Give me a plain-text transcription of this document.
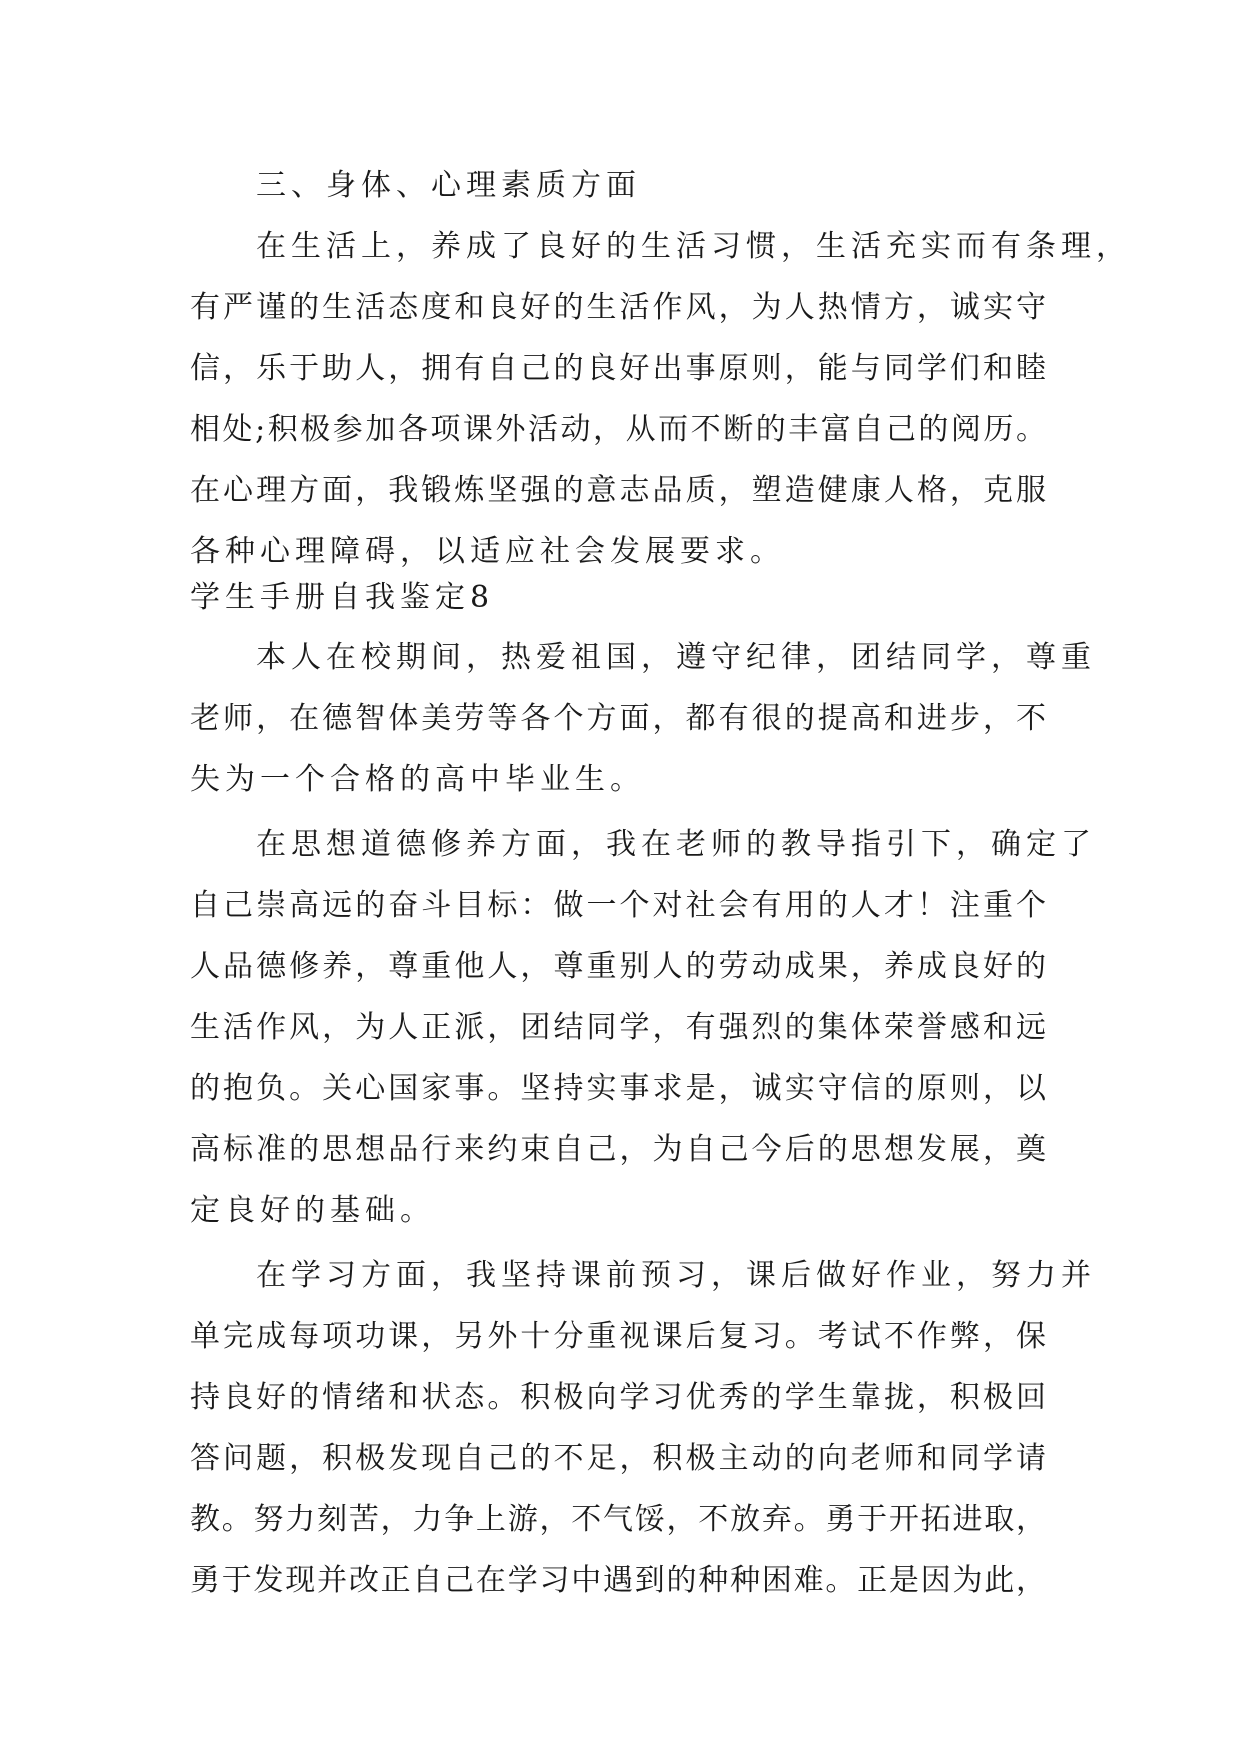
三、身体、心理素质方面
在生活上，养成了良好的生活习惯，生活充实而有条理，
有严谨的生活态度和良好的生活作风，为人热情方，诚实守
信，乐于助人，拥有自己的良好出事原则，能与同学们和睦
相处;积极参加各项课外活动，从而不断的丰富自己的阅历。
在心理方面，我锻炼坚强的意志品质，塑造健康人格，克服
各种心理障碍，以适应社会发展要求。
学生手册自我鉴定8
本人在校期间，热爱祖国，遵守纪律，团结同学，尊重
老师，在德智体美劳等各个方面，都有很的提高和进步，不
失为一个合格的高中毕业生。
在思想道德修养方面，我在老师的教导指引下，确定了
自己崇高远的奋斗目标：做一个对社会有用的人才！注重个
人品德修养，尊重他人，尊重别人的劳动成果，养成良好的
生活作风，为人正派，团结同学，有强烈的集体荣誉感和远
的抱负。关心国家事。坚持实事求是，诚实守信的原则，以
高标准的思想品行来约束自己，为自己今后的思想发展，奠
定良好的基础。
在学习方面，我坚持课前预习，课后做好作业，努力并
单完成每项功课，另外十分重视课后复习。考试不作弊，保
持良好的情绪和状态。积极向学习优秀的学生靠拢，积极回
答问题，积极发现自己的不足，积极主动的向老师和同学请
教。努力刻苦，力争上游，不气馁，不放弃。勇于开拓进取，
勇于发现并改正自己在学习中遇到的种种困难。正是因为此，
